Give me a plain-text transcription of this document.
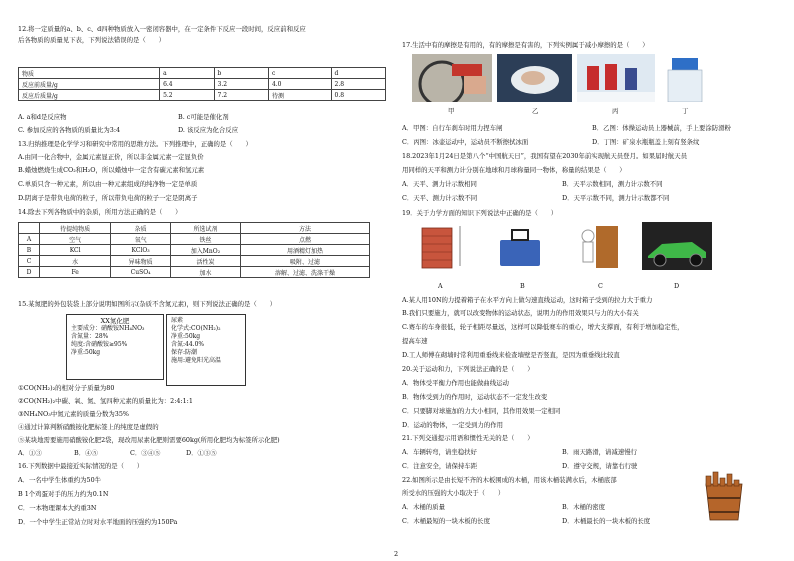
12.将一定质量的a、b、c、d四种物质放入一密闭容器中，在一定条件下反应一段时间，反应前和反应
后各物质的质量见下表，下列说法错误的是（　　）
物质	a	b	c	d
反应前质量/g	6.4	3.2	4.0	2.8
反应后质量/g	5.2	7.2	待测	0.8
A. a和d是反应物	B. c可能是催化剂
C. 参加反应的各物质的质量比为3:4	D. 该反应为化合反应
13.归纳推理是化学学习和研究中常用的思维方法。下列推理中，正确的是（　　）
A.由同一化合物中，金属元素显正价，所以非金属元素一定显负价
B.蜡烛燃烧生成CO₂和H₂O，所以蜡烛中一定含有碳元素和氢元素
C.单质只含一种元素，所以由一种元素组成的纯净物一定是单质
D.阴离子是带负电荷的粒子，所以带负电荷的粒子一定是阴离子
14.除去下列各物质中的杂质，所用方法正确的是（　　）
	待提纯物质	杂质	所选试剂	方法
A	空气	氧气	铁丝	点燃
B	KCl	KClO₃	加入MnO₂	用酒精灯加热
C	水	异味物质	活性炭	吸附、过滤
D	Fe	CuSO₄	加水	溶解、过滤、洗涤干燥
15.某氮肥的外包装袋上部分说明如图所示(杂质不含氮元素)，则下列说法正确的是（　　）
XX氮化肥
主要成分：硝酸铵NH₄NO₃
含氮量：28%
纯度:含硝酸铵≥95%
净重:50kg
尿素
化学式:CO(NH₂)₂
净重:50kg
含氮:44.0%
保存:防潮
施用:避免阳光高温
①CO(NH₂)₂的相对分子质量为80
②CO(NH₂)₂中碳、氧、氮、氢四种元素的质量比为：2:4:1:1
③NH₄NO₃中氮元素的质量分数为35%
④通过计算判断硝酸铵化肥标签上的纯度是虚假的
⑤某块地需要施用硝酸铵化肥2袋，现改用尿素化肥则需要60kg(所用化肥均为标签所示化肥)
A．①③	B．④⑤	C．③④⑤	D．①③⑤
16.下列数据中最接近实际情况的是（　　）
A．一名中学生体重约为50牛
B 1个鸡蛋对手的压力约为0.1N
C．一本物理课本大约重3N
D．一个中学生正常站立时对水平地面的压强约为150Pa
17.生活中有的摩擦是有用的，有的摩擦是有害的，下列实例属于减小摩擦的是（　　）
甲	乙	丙	丁
A．甲图：自行车刹车时用力捏车闸	B．乙图：体操运动员上器械前，手上要涂防滑粉
C．丙图：冰壶运动中，运动员不断擦拭冰面	D．丁图：矿泉水瓶瓶盖上刻有竖条纹
18.2023年1月24日是第八个“中国航天日”，我国有望在2030年前实现航天员登月。如果届时航天员
用同样的天平和测力计分别在地球和月球称量同一物体，称量的结果是（　　）
A．天平、测力计示数相同	B．天平示数相同，测力计示数不同
C．天平、测力计示数不同	D．天平示数不同，测力计示数都不同
19．关于力学方面的知识下列说法中正确的是（　　）
A	B	C	D
A.某人用10N的力提着箱子在水平方向上做匀速直线运动，这时箱子受到的拉力大于重力
B.我们只要施力，就可以改变物体的运动状态，说明力的作用效果只与力的大小有关
C.赛车的车身很低，轮子相距尽量远，这样可以降低赛车的重心，增大支撑面，有利于增加稳定性，
提高车速
D.工人师傅在砌墙时常利用重垂线来检查墙壁是否竖直，是因为重垂线比较直
20.关于运动和力，下列说法正确的是（　　）
A．物体受平衡力作用也能做曲线运动
B．物体受到力的作用时，运动状态不一定发生改变
C．只要脚对球施加的力大小相同，其作用效果一定相同
D．运动的物体，一定受到力的作用
21.下列交通提示用语和惯性无关的是（　　）
A．车辆转弯，请坐稳扶好	B．雨天路滑，请减速慢行
C．注意安全，请保持车距	D．遵守交规，请靠右行驶
22.如图所示是由长短不齐的木板围成的木桶，用该木桶装满水后，木桶底部
所受水的压强的大小取决于（　　）
A．木桶的质量	B．木桶的密度
C．木桶最短的一块木板的长度	D．木桶最长的一块木板的长度
2
